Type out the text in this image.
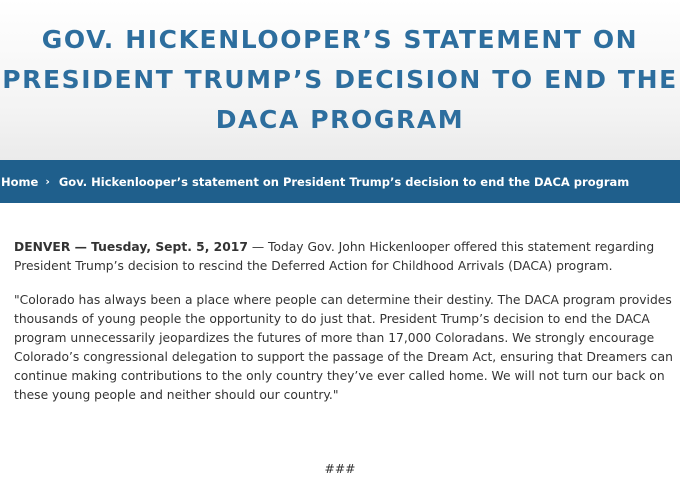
GOV. HICKENLOOPER’S STATEMENT ON
PRESIDENT TRUMP’S DECISION TO END THE
DACA PROGRAM
Home › Gov. Hickenlooper’s statement on President Trump’s decision to end the DACA program

DENVER — Tuesday, Sept. 5, 2017 — Today Gov. John Hickenlooper offered this statement regarding President Trump’s decision to rescind the Deferred Action for Childhood Arrivals (DACA) program.

"Colorado has always been a place where people can determine their destiny. The DACA program provides thousands of young people the opportunity to do just that. President Trump’s decision to end the DACA program unnecessarily jeopardizes the futures of more than 17,000 Coloradans. We strongly encourage Colorado’s congressional delegation to support the passage of the Dream Act, ensuring that Dreamers can continue making contributions to the only country they’ve ever called home. We will not turn our back on these young people and neither should our country."

###
